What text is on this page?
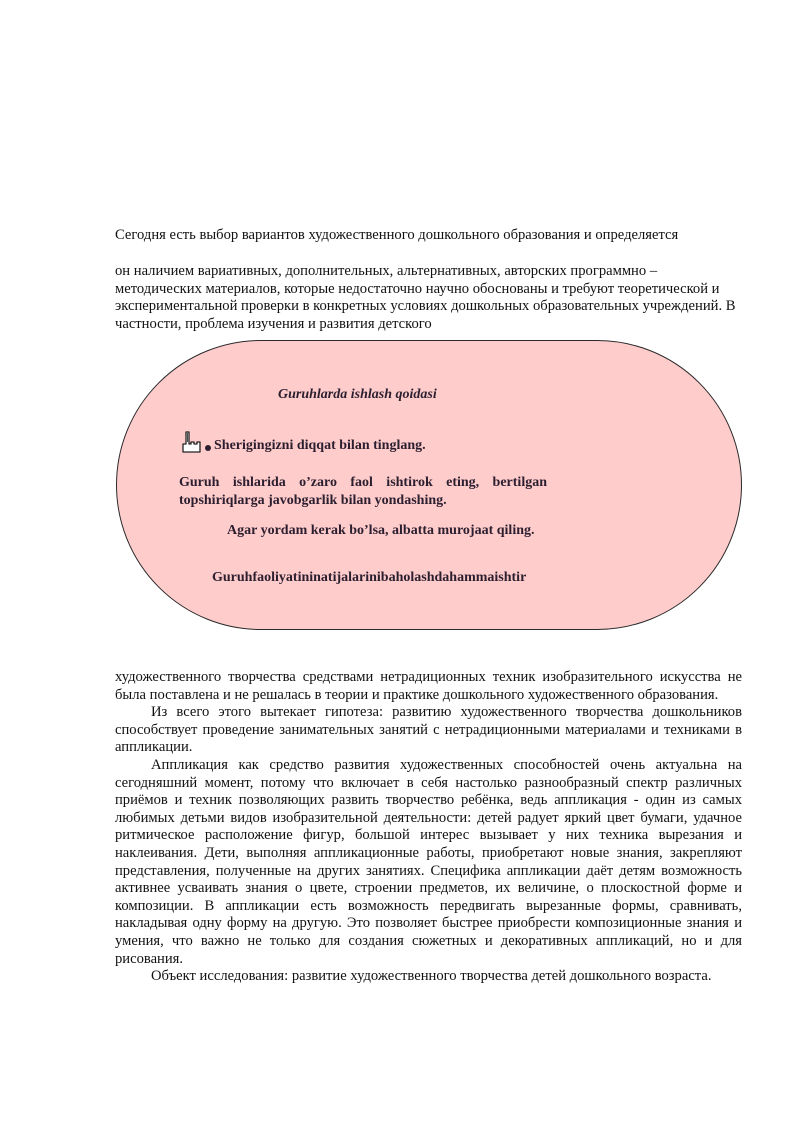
Сегодня есть выбор вариантов художественного дошкольного образования и определяется
он наличием вариативных, дополнительных, альтернативных, авторских программно – методических материалов, которые недостаточно научно обоснованы и требуют теоретической и экспериментальной проверки в конкретных условиях дошкольных образовательных учреждений. В частности, проблема изучения и развития детского
Guruhlarda ishlash qoidasi
Sherigingizni diqqat bilan tinglang.
Guruh ishlarida o’zaro faol ishtirok eting, bertilgan topshiriqlarga javobgarlik bilan yondashing.
Agar yordam kerak bo’lsa, albatta murojaat qiling.
Guruhfaoliyatininatijalarinibaholashdahammaishtir

художественного творчества средствами нетрадиционных техник изобразительного искусства не была поставлена и не решалась в теории и практике дошкольного художественного образования.

Из всего этого вытекает гипотеза: развитию художественного творчества дошкольников способствует проведение занимательных занятий с нетрадиционными материалами и техниками в аппликации.

Аппликация как средство развития художественных способностей очень актуальна на сегодняшний момент, потому что включает в себя настолько разнообразный спектр различных приёмов и техник позволяющих развить творчество ребёнка, ведь аппликация - один из самых любимых детьми видов изобразительной деятельности: детей радует яркий цвет бумаги, удачное ритмическое расположение фигур, большой интерес вызывает у них техника вырезания и наклеивания. Дети, выполняя аппликационные работы, приобретают новые знания, закрепляют представления, полученные на других занятиях. Специфика аппликации даёт детям возможность активнее усваивать знания о цвете, строении предметов, их величине, о плоскостной форме и композиции. В аппликации есть возможность передвигать вырезанные формы, сравнивать, накладывая одну форму на другую. Это позволяет быстрее приобрести композиционные знания и умения, что важно не только для создания сюжетных и декоративных аппликаций, но и для рисования.

Объект исследования: развитие художественного творчества детей дошкольного возраста.
